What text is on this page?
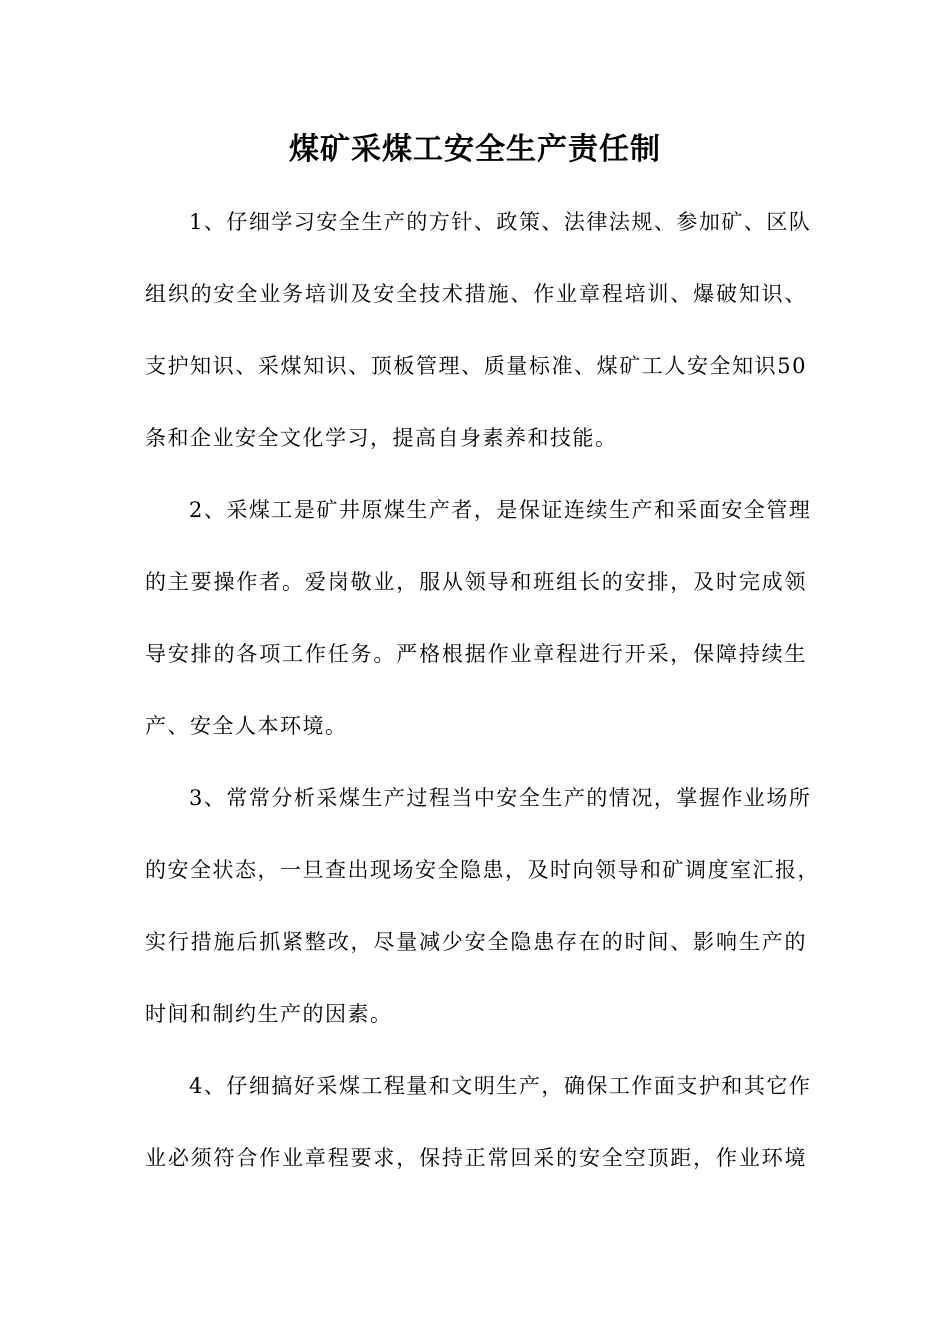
煤矿采煤工安全生产责任制
1、仔细学习安全生产的方针、政策、法律法规、参加矿、区队
组织的安全业务培训及安全技术措施、作业章程培训、爆破知识、
支护知识、采煤知识、顶板管理、质量标准、煤矿工人安全知识50
条和企业安全文化学习，提高自身素养和技能。
2、采煤工是矿井原煤生产者，是保证连续生产和采面安全管理
的主要操作者。爱岗敬业，服从领导和班组长的安排，及时完成领
导安排的各项工作任务。严格根据作业章程进行开采，保障持续生
产、安全人本环境。
3、常常分析采煤生产过程当中安全生产的情况，掌握作业场所
的安全状态，一旦查出现场安全隐患，及时向领导和矿调度室汇报，
实行措施后抓紧整改，尽量减少安全隐患存在的时间、影响生产的
时间和制约生产的因素。
4、仔细搞好采煤工程量和文明生产，确保工作面支护和其它作
业必须符合作业章程要求，保持正常回采的安全空顶距，作业环境
